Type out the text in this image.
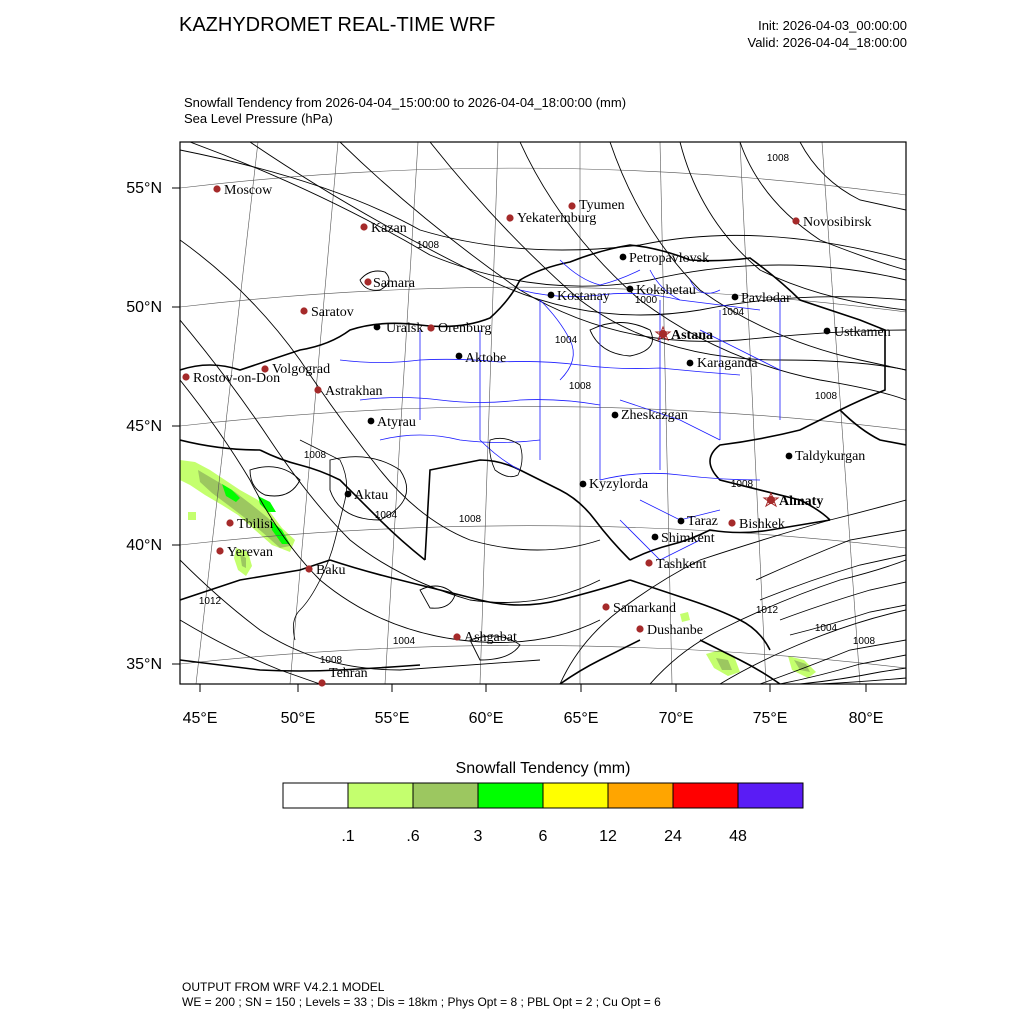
KAZHYDROMET REAL-TIME WRF	Init: 2026-04-03_00:00:00
Valid: 2026-04-04_18:00:00
Snowfall Tendency from 2026-04-04_15:00:00 to 2026-04-04_18:00:00 (mm)
Sea Level Pressure (hPa)
1008
1008
1000
1004
1004
1008
1008
1008
1004	1008
1012
1004
1008
1012
1004
1008
1008
Moscow
Kazan
Tyumen
Yekaterinburg	Novosibirsk
Samara
Saratov
Orenburg
Volgograd
Rostov-on-Don
Astrakhan
Tbilisi
Yerevan
Baku
Ashgabat
Tehran
Bishkek
Tashkent
Samarkand
Dushanbe
Petropavlovsk
Kostanay Kokshetau
Pavlodar
Uralsk
Aktobe
Ustkamen
Karaganda
Atyrau	Zheskazgan
Taldykurgan
Kyzylorda
Aktau
Taraz
Shimkent
Astana
Almaty
55°N
50°N
45°N
40°N
35°N
45°E	50°E	55°E	60°E	65°E	70°E	75°E	80°E
.1	.6	3	6	12	24	48
Snowfall Tendency (mm)
OUTPUT FROM WRF V4.2.1 MODEL
WE = 200 ; SN = 150 ; Levels = 33 ; Dis = 18km ; Phys Opt = 8 ; PBL Opt = 2 ; Cu Opt = 6
